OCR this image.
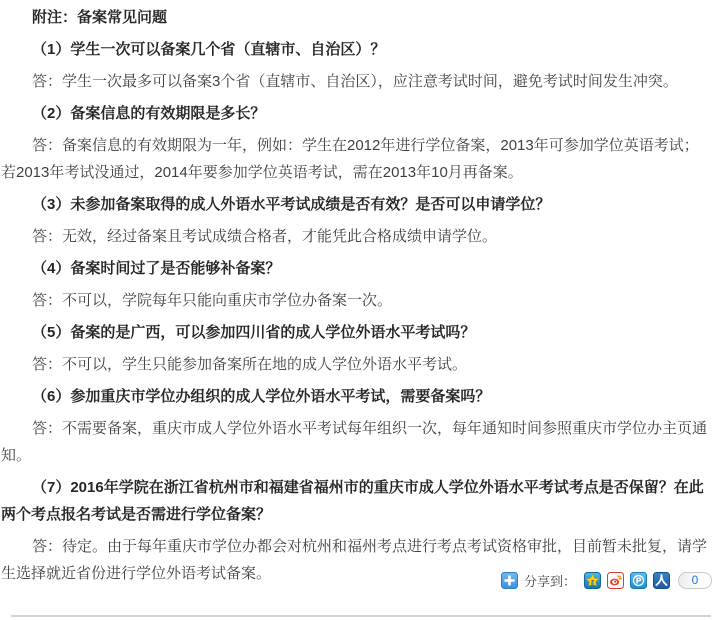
附注：备案常见问题

（1）学生一次可以备案几个省（直辖市、自治区）？

答：学生一次最多可以备案3个省（直辖市、自治区），应注意考试时间，避免考试时间发生冲突。

（2）备案信息的有效期限是多长？

答：备案信息的有效期限为一年，例如：学生在2012年进行学位备案，2013年可参加学位英语考试；若2013年考试没通过，2014年要参加学位英语考试，需在2013年10月再备案。

（3）未参加备案取得的成人外语水平考试成绩是否有效？是否可以申请学位？

答：无效，经过备案且考试成绩合格者，才能凭此合格成绩申请学位。

（4）备案时间过了是否能够补备案？

答：不可以，学院每年只能向重庆市学位办备案一次。

（5）备案的是广西，可以参加四川省的成人学位外语水平考试吗？

答：不可以，学生只能参加备案所在地的成人学位外语水平考试。

（6）参加重庆市学位办组织的成人学位外语水平考试，需要备案吗？

答：不需要备案，重庆市成人学位外语水平考试每年组织一次，每年通知时间参照重庆市学位办主页通知。

（7）2016年学院在浙江省杭州市和福建省福州市的重庆市成人学位外语水平考试考点是否保留？在此两个考点报名考试是否需进行学位备案？

答：待定。由于每年重庆市学位办都会对杭州和福州考点进行考点考试资格审批，目前暂未批复，请学生选择就近省份进行学位外语考试备案。	分享到： z	P	0
